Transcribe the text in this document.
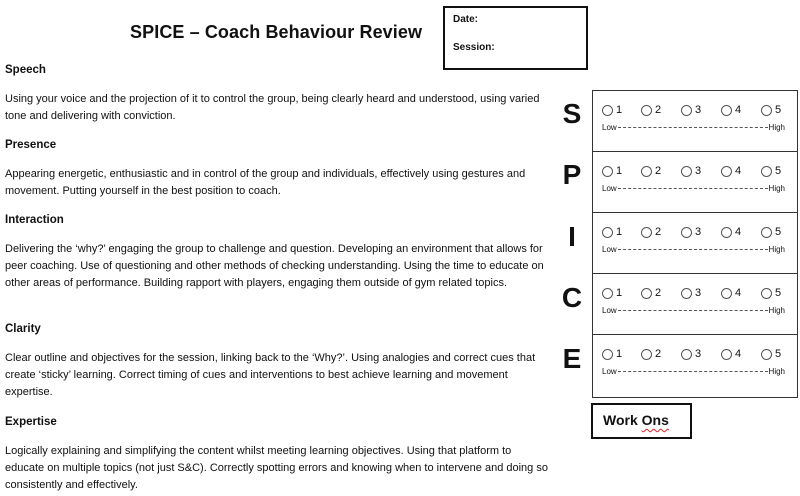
SPICE – Coach Behaviour Review
Date:
Session:
Speech
Using your voice and the projection of it to control the group, being clearly heard and understood, using varied tone and delivering with conviction.
Presence
Appearing energetic, enthusiastic and in control of the group and individuals, effectively using gestures and movement. Putting yourself in the best position to coach.
Interaction
Delivering the ‘why?’ engaging the group to challenge and question. Developing an environment that allows for peer coaching. Use of questioning and other methods of checking understanding. Using the time to educate on other areas of performance. Building rapport with players, engaging them outside of gym related topics.
Clarity
Clear outline and objectives for the session, linking back to the ‘Why?’. Using analogies and correct cues that create ‘sticky’ learning. Correct timing of cues and interventions to best achieve learning and movement expertise.
Expertise
Logically explaining and simplifying the content whilst meeting learning objectives. Using that platform to educate on multiple topics (not just S&C). Correctly spotting errors and knowing when to intervene and doing so consistently and effectively.
S
P
I
C
E
1	2	3	4	5
Low	High
1	2	3	4	5
Low	High
1	2	3	4	5
Low	High
1	2	3	4	5
Low	High
1	2	3	4	5
Low	High
Work Ons
